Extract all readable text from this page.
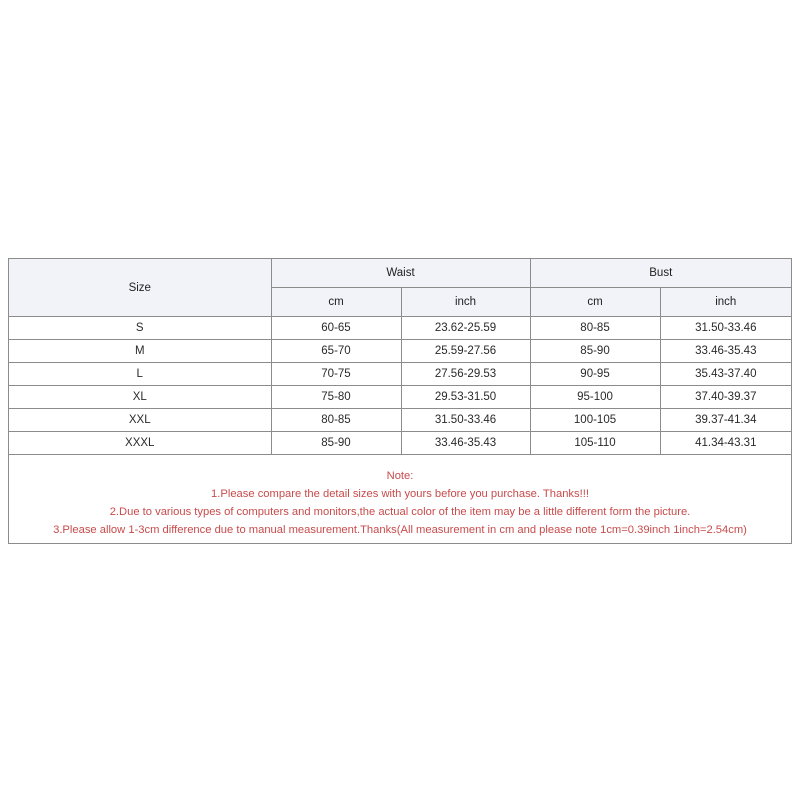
Size	Waist		Bust	
	cm	inch	cm	inch
S	60-65	23.62-25.59	80-85	31.50-33.46
M	65-70	25.59-27.56	85-90	33.46-35.43
L	70-75	27.56-29.53	90-95	35.43-37.40
XL	75-80	29.53-31.50	95-100	37.40-39.37
XXL	80-85	31.50-33.46	100-105	39.37-41.34
XXXL	85-90	33.46-35.43	105-110	41.34-43.31
Note:
1.Please compare the detail sizes with yours before you purchase. Thanks!!!
2.Due to various types of computers and monitors,the actual color of the item may be a little different form the picture.
3.Please allow 1-3cm difference due to manual measurement.Thanks(All measurement in cm and please note 1cm=0.39inch 1inch=2.54cm)
